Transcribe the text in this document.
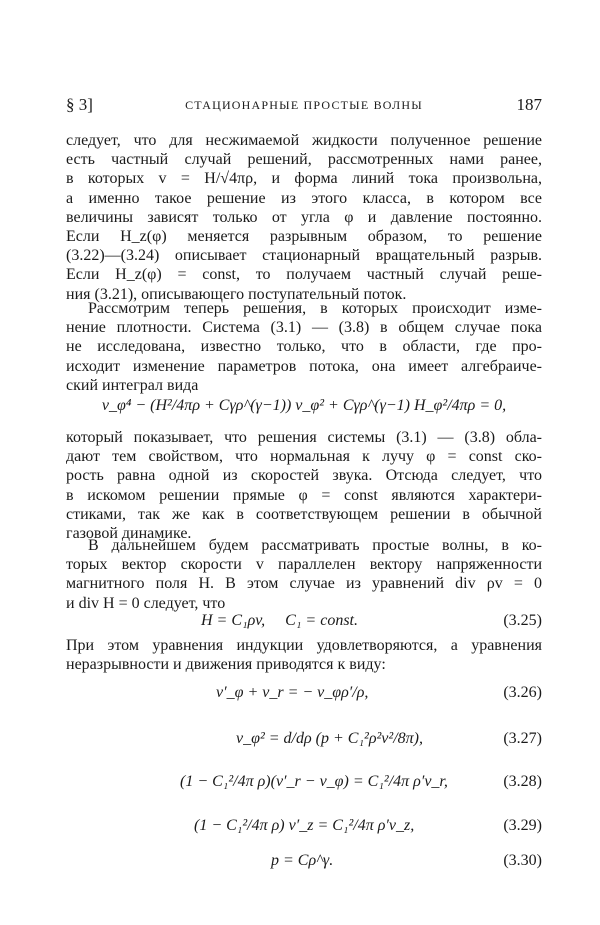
§ 3]	СТАЦИОНАРНЫЕ ПРОСТЫЕ ВОЛНЫ	187
следует, что для несжимаемой жидкости полученное решение
есть частный случай решений, рассмотренных нами ранее,
в которых v = H/√4πρ, и форма линий тока произвольна,
а именно такое решение из этого класса, в котором все
величины зависят только от угла φ и давление постоянно.
Если H_z(φ) меняется разрывным образом, то решение
(3.22)—(3.24) описывает стационарный вращательный разрыв.
Если H_z(φ) = const, то получаем частный случай реше-
ния (3.21), описывающего поступательный поток.
Рассмотрим теперь решения, в которых происходит изме-
нение плотности. Система (3.1) — (3.8) в общем случае пока
не исследована, известно только, что в области, где про-
исходит изменение параметров потока, она имеет алгебраиче-
ский интеграл вида
v_φ⁴ − (H²/4πρ + Cγρ^(γ−1)) v_φ² + Cγρ^(γ−1) H_φ²/4πρ = 0,
который показывает, что решения системы (3.1) — (3.8) обла-
дают тем свойством, что нормальная к лучу φ = const ско-
рость равна одной из скоростей звука. Отсюда следует, что
в искомом решении прямые φ = const являются характери-
стиками, так же как в соответствующем решении в обычной
газовой динамике.
В дальнейшем будем рассматривать простые волны, в ко-
торых вектор скорости v параллелен вектору напряженности
магнитного поля H. В этом случае из уравнений div ρv = 0
и div H = 0 следует, что
H = C₁ρv,     C₁ = const.	(3.25)
При этом уравнения индукции удовлетворяются, а уравнения
неразрывности и движения приводятся к виду:
v′_φ + v_r = − v_φρ′/ρ,	(3.26)
v_φ² = d/dρ (p + C₁²ρ²v²/8π),	(3.27)
(1 − C₁²/4π ρ)(v′_r − v_φ) = C₁²/4π ρ′v_r,	(3.28)
(1 − C₁²/4π ρ) v′_z = C₁²/4π ρ′v_z,	(3.29)
p = Cρ^γ.	(3.30)
